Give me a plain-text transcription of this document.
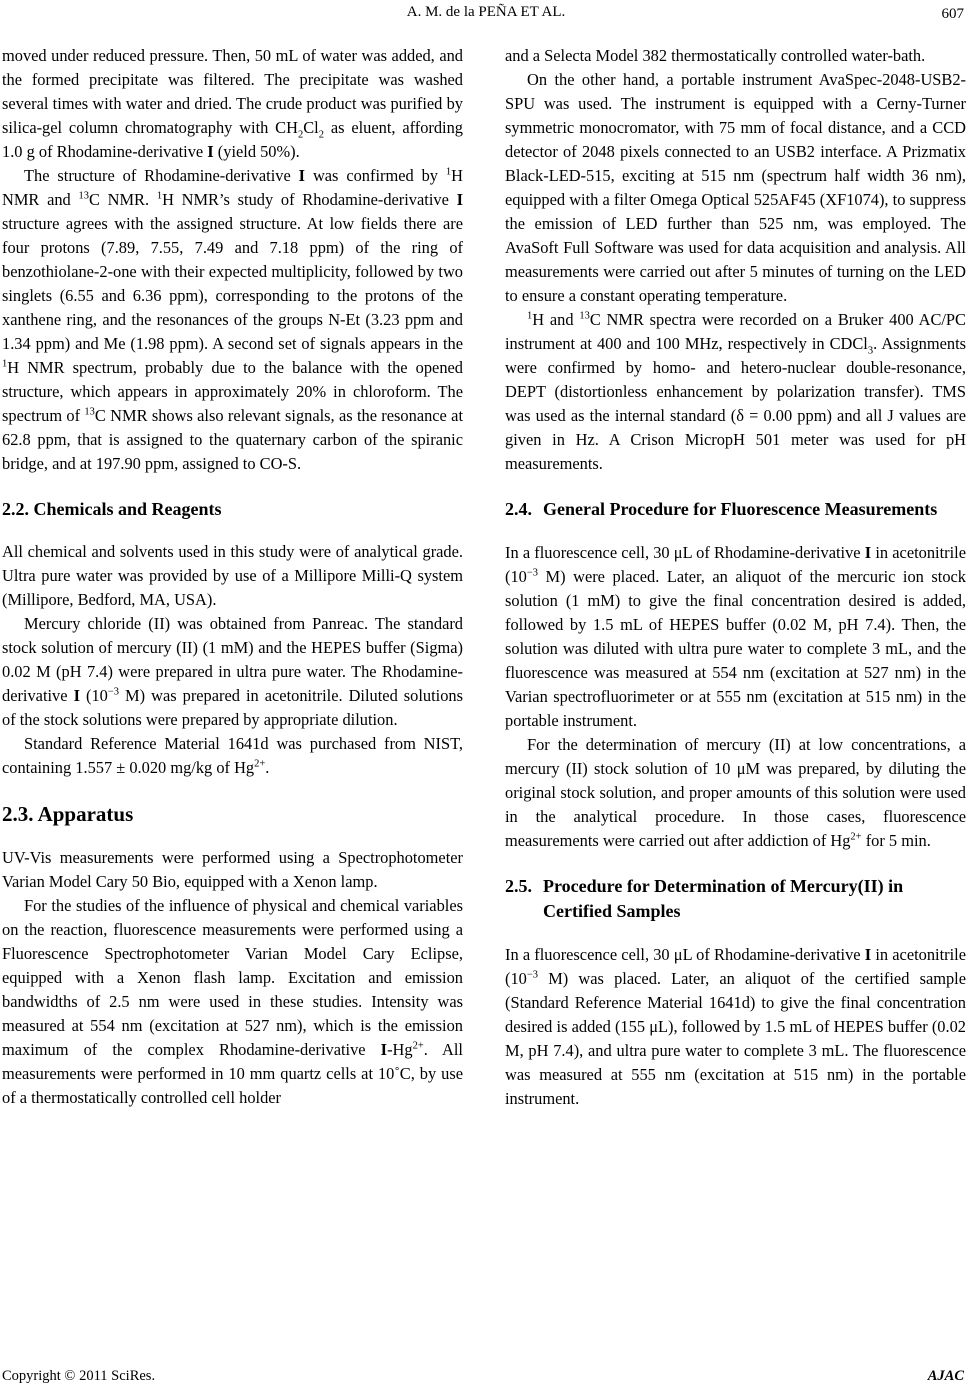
A. M. de la PEÑA ET AL.	607

moved under reduced pressure. Then, 50 mL of water was added, and the formed precipitate was filtered. The precipitate was washed several times with water and dried. The crude product was purified by silica-gel column chromatography with $CH_2Cl_2$ as eluent, affording 1.0 g of Rhodamine-derivative I (yield 50%).

The structure of Rhodamine-derivative I was confirmed by $^1$H NMR and $^{13}$C NMR. $^1$H NMR’s study of Rhodamine-derivative I structure agrees with the assigned structure. At low fields there are four protons (7.89, 7.55, 7.49 and 7.18 ppm) of the ring of benzothiolane-2-one with their expected multiplicity, followed by two singlets (6.55 and 6.36 ppm), corresponding to the protons of the xanthene ring, and the resonances of the groups N-Et (3.23 ppm and 1.34 ppm) and Me (1.98 ppm). A second set of signals appears in the $^1$H NMR spectrum, probably due to the balance with the opened structure, which appears in approximately 20% in chloroform. The spectrum of $^{13}$C NMR shows also relevant signals, as the resonance at 62.8 ppm, that is assigned to the quaternary carbon of the spiranic bridge, and at 197.90 ppm, assigned to CO-S.

2.2. Chemicals and Reagents

All chemical and solvents used in this study were of analytical grade. Ultra pure water was provided by use of a Millipore Milli-Q system (Millipore, Bedford, MA, USA).

Mercury chloride (II) was obtained from Panreac. The standard stock solution of mercury (II) (1 mM) and the HEPES buffer (Sigma) 0.02 M (pH 7.4) were prepared in ultra pure water. The Rhodamine-derivative I ($10^{-3}$ M) was prepared in acetonitrile. Diluted solutions of the stock solutions were prepared by appropriate dilution.

Standard Reference Material 1641d was purchased from NIST, containing 1.557 ± 0.020 mg/kg of $Hg^{2+}$.

2.3. Apparatus

UV-Vis measurements were performed using a Spectrophotometer Varian Model Cary 50 Bio, equipped with a Xenon lamp.

For the studies of the influence of physical and chemical variables on the reaction, fluorescence measurements were performed using a Fluorescence Spectrophotometer Varian Model Cary Eclipse, equipped with a Xenon flash lamp. Excitation and emission bandwidths of 2.5 nm were used in these studies. Intensity was measured at 554 nm (excitation at 527 nm), which is the emission maximum of the complex Rhodamine-derivative $I-Hg^{2+}$. All measurements were performed in 10 mm quartz cells at 10˚C, by use of a thermostatically controlled cell holder

and a Selecta Model 382 thermostatically controlled water-bath.

On the other hand, a portable instrument AvaSpec-2048-USB2-SPU was used. The instrument is equipped with a Cerny-Turner symmetric monocromator, with 75 mm of focal distance, and a CCD detector of 2048 pixels connected to an USB2 interface. A Prizmatix Black-LED-515, exciting at 515 nm (spectrum half width 36 nm), equipped with a filter Omega Optical 525AF45 (XF1074), to suppress the emission of LED further than 525 nm, was employed. The AvaSoft Full Software was used for data acquisition and analysis. All measurements were carried out after 5 minutes of turning on the LED to ensure a constant operating temperature.

$^1$H and $^{13}$C NMR spectra were recorded on a Bruker 400 AC/PC instrument at 400 and 100 MHz, respectively in CDCl$_3$. Assignments were confirmed by homo- and hetero-nuclear double-resonance, DEPT (distortionless enhancement by polarization transfer). TMS was used as the internal standard (δ = 0.00 ppm) and all J values are given in Hz. A Crison MicropH 501 meter was used for pH measurements.

2.4. General Procedure for Fluorescence Measurements

In a fluorescence cell, 30 μL of Rhodamine-derivative I in acetonitrile ($10^{-3}$ M) were placed. Later, an aliquot of the mercuric ion stock solution (1 mM) to give the final concentration desired is added, followed by 1.5 mL of HEPES buffer (0.02 M, pH 7.4). Then, the solution was diluted with ultra pure water to complete 3 mL, and the fluorescence was measured at 554 nm (excitation at 527 nm) in the Varian spectrofluorimeter or at 555 nm (excitation at 515 nm) in the portable instrument.

For the determination of mercury (II) at low concentrations, a mercury (II) stock solution of 10 μM was prepared, by diluting the original stock solution, and proper amounts of this solution were used in the analytical procedure. In those cases, fluorescence measurements were carried out after addiction of $Hg^{2+}$ for 5 min.

2.5. Procedure for Determination of Mercury(II) in Certified Samples

In a fluorescence cell, 30 μL of Rhodamine-derivative I in acetonitrile ($10^{-3}$ M) was placed. Later, an aliquot of the certified sample (Standard Reference Material 1641d) to give the final concentration desired is added (155 μL), followed by 1.5 mL of HEPES buffer (0.02 M, pH 7.4), and ultra pure water to complete 3 mL. The fluorescence was measured at 555 nm (excitation at 515 nm) in the portable instrument.

Copyright © 2011 SciRes.	AJAC
